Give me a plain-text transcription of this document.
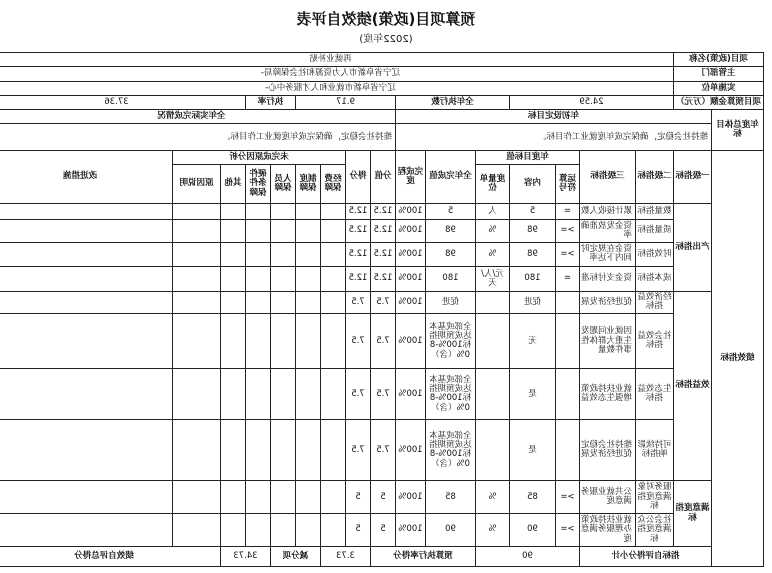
预算项目(政策)绩效自评表
(2022年度)
项目(政策)名称		再就业补贴																
主管部门		辽宁省阜新市人力资源和社会保障局-																
实施单位		辽宁省阜新市就业和人才服务中心-																
项目预算金额（万元）		24.59				全年执行数			9.17				执行率		37.36			
年度总体目标	年初设定目标								全年实际完成情况									
	维持社会稳定，确保完成年度就业工作目标。								维持社会稳定，确保完成年度就业工作目标。									
绩效指标	一级指标	二级指标	三级指标	年度目标值			全年完成值	完成程度	分值	得分	未完成原因分析						改进措施	
				运算符号	内容	度量单位					经费保障	制度保障	人员保障	硬件条件保障	其他	原因说明		
	产出指标	数量指标	累计接收人数	=	5	人	5	100%	12.5	12.5								
		质量指标	资金发放准确率	>=	98	%	98	100%	12.5	12.5								
		时效指标	资金在规定时间内下达率	>=	98	%	98	100%	12.5	12.5								
		成本指标	资金支付标准	=	180	元/人/天	180	100%	12.5	12.5								
	效益指标	经济效益指标	促进经济发展		促进		促进	100%	7.5	7.5								
		社会效益指标	因就业问题发生重大群体性事件数量		无		全部或基本达成预期指标100%-80%（含）	100%	7.5	7.5								
		生态效益指标	就业扶持政策增强生态效益		是		全部或基本达成预期指标100%-80%（含）	100%	7.5	7.5								
		可持续影响指标	维持社会稳定促进经济发展		是		全部或基本达成预期指标100%-80%（含）	100%	7.5	7.5								
	满意度指标	服务对象满意度指标	公共就业服务满意度	>=	85	%	85	100%	5	5								
		社会公众满意度指标	就业扶持政策办理服务满意度	>=	90	%	90	100%	5	5								
	指标自评得分小计			90			预算执行率得分			3.73		减分项		34.73		绩效自评总得分	
